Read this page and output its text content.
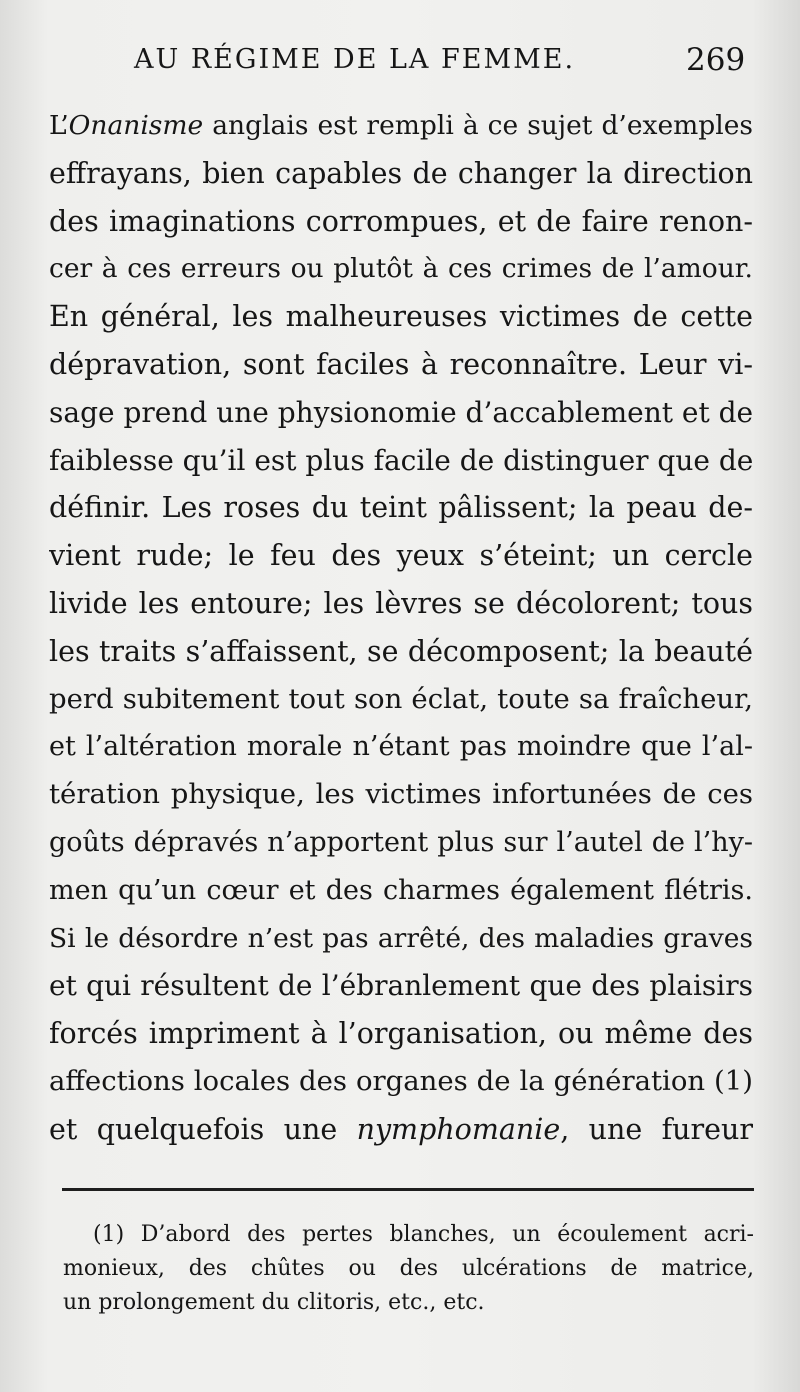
AU RÉGIME DE LA FEMME.	269
L’Onanisme anglais est rempli à ce sujet d’exemples
effrayans, bien capables de changer la direction
des imaginations corrompues, et de faire renon-
cer à ces erreurs ou plutôt à ces crimes de l’amour.
En général, les malheureuses victimes de cette
dépravation, sont faciles à reconnaître. Leur vi-
sage prend une physionomie d’accablement et de
faiblesse qu’il est plus facile de distinguer que de
définir. Les roses du teint pâlissent; la peau de-
vient rude; le feu des yeux s’éteint; un cercle
livide les entoure; les lèvres se décolorent; tous
les traits s’affaissent, se décomposent; la beauté
perd subitement tout son éclat, toute sa fraîcheur,
et l’altération morale n’étant pas moindre que l’al-
tération physique, les victimes infortunées de ces
goûts dépravés n’apportent plus sur l’autel de l’hy-
men qu’un cœur et des charmes également flétris.
Si le désordre n’est pas arrêté, des maladies graves
et qui résultent de l’ébranlement que des plaisirs
forcés impriment à l’organisation, ou même des
affections locales des organes de la génération (1)
et quelquefois une nymphomanie, une fureur
(1) D’abord des pertes blanches, un écoulement acri-
monieux, des chûtes ou des ulcérations de matrice,
un prolongement du clitoris, etc., etc.
